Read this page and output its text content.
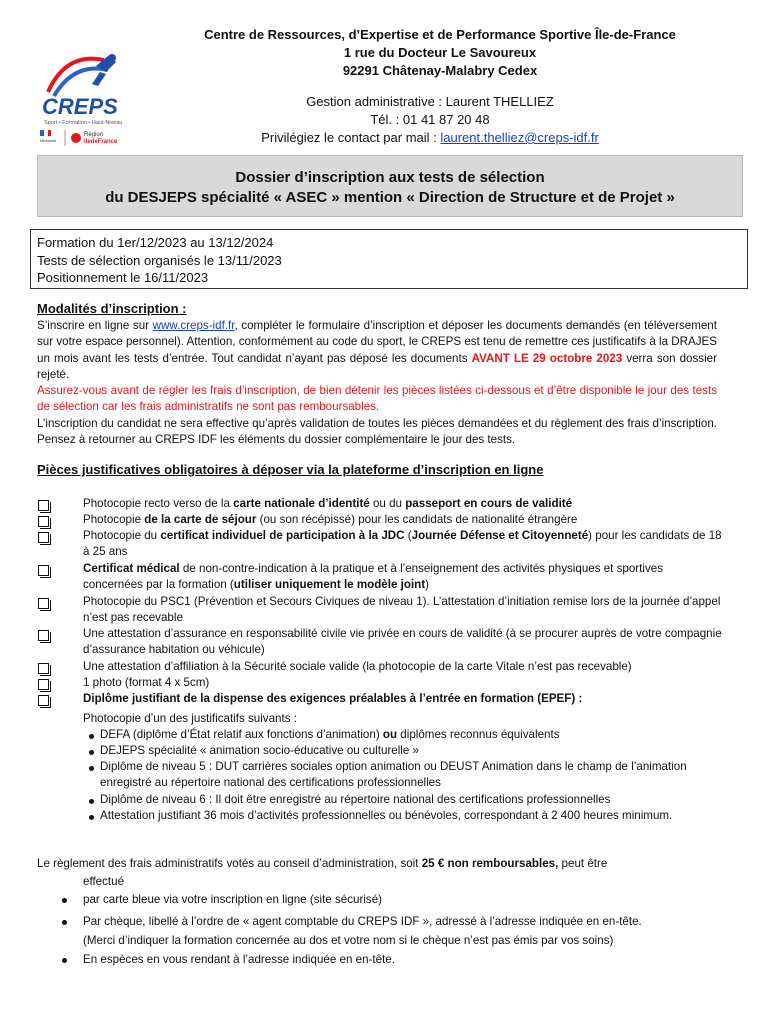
Centre de Ressources, d’Expertise et de Performance Sportive Île-de-France
1 rue du Docteur Le Savoureux
92291 Châtenay-Malabry Cedex
CREPS
Sport • Formation • Haut-Niveau
Ministère
Région
îledeFrance
Gestion administrative : Laurent THELLIEZ
Tél. : 01 41 87 20 48
Privilégiez le contact par mail : laurent.thelliez@creps-idf.fr
Dossier d’inscription aux tests de sélection
du DESJEPS spécialité « ASEC » mention « Direction de Structure et de Projet »
Formation du 1er/12/2023 au 13/12/2024
Tests de sélection organisés le 13/11/2023
Positionnement le 16/11/2023
Modalités d’inscription :
S’inscrire en ligne sur www.creps-idf.fr, compléter le formulaire d’inscription et déposer les documents demandés (en téléversement sur votre espace personnel). Attention, conformément au code du sport, le CREPS est tenu de remettre ces justificatifs à la DRAJES un mois avant les tests d’entrée. Tout candidat n’ayant pas déposé les documents AVANT LE 29 octobre 2023 verra son dossier rejeté.
Assurez-vous avant de régler les frais d’inscription, de bien détenir les pièces listées ci-dessous et d’être disponible le jour des tests de sélection car les frais administratifs ne sont pas remboursables.
L’inscription du candidat ne sera effective qu’après validation de toutes les pièces demandées et du règlement des frais d’inscription. Pensez à retourner au CREPS IDF les éléments du dossier complémentaire le jour des tests.
Pièces justificatives obligatoires à déposer via la plateforme d’inscription en ligne
Photocopie recto verso de la carte nationale d’identité ou du passeport en cours de validité
Photocopie de la carte de séjour (ou son récépissé) pour les candidats de nationalité étrangère
Photocopie du certificat individuel de participation à la JDC (Journée Défense et Citoyenneté) pour les candidats de 18 à 25 ans
Certificat médical de non-contre-indication à la pratique et à l’enseignement des activités physiques et sportives concernées par la formation (utiliser uniquement le modèle joint)
Photocopie du PSC1 (Prévention et Secours Civiques de niveau 1). L’attestation d’initiation remise lors de la journée d’appel n’est pas recevable
Une attestation d’assurance en responsabilité civile vie privée en cours de validité (à se procurer auprès de votre compagnie d’assurance habitation ou véhicule)
Une attestation d’affiliation à la Sécurité sociale valide (la photocopie de la carte Vitale n’est pas recevable)
1 photo (format 4 x 5cm)
Diplôme justifiant de la dispense des exigences préalables à l’entrée en formation (EPEF) :
Photocopie d’un des justificatifs suivants :
DEFA (diplôme d’État relatif aux fonctions d’animation) ou diplômes reconnus équivalents
DEJEPS spécialité « animation socio-éducative ou culturelle »
Diplôme de niveau 5 : DUT carrières sociales option animation ou DEUST Animation dans le champ de l’animation enregistré au répertoire national des certifications professionnelles
Diplôme de niveau 6 : Il doit être enregistré au répertoire national des certifications professionnelles
Attestation justifiant 36 mois d’activités professionnelles ou bénévoles, correspondant à 2 400 heures minimum.
Le règlement des frais administratifs votés au conseil d’administration, soit 25 € non remboursables, peut être
effectué
par carte bleue via votre inscription en ligne (site sécurisé)
Par chèque, libellé à l’ordre de « agent comptable du CREPS IDF », adressé à l’adresse indiquée en en-tête.
(Merci d’indiquer la formation concernée au dos et votre nom si le chèque n’est pas émis par vos soins)
En espèces en vous rendant à l’adresse indiquée en en-tête.
